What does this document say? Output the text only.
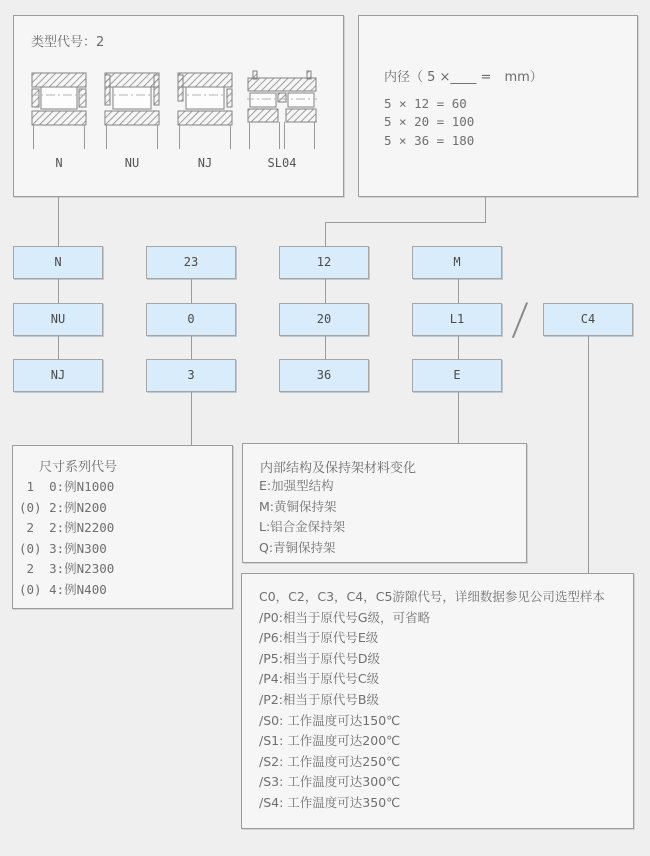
类型代号：2
N	NU	NJ	SL04
内径（ 5 ×____ =　mm）
5 × 12 = 60
5 × 20 = 100
5 × 36 = 180
N
NU
NJ
23
0
3
12
20
36
M
L1
E
C4
尺寸系列代号
1  0:例N1000
(0) 2:例N200
2  2:例N2200
(0) 3:例N300
2  3:例N2300
(0) 4:例N400
内部结构及保持架材料变化
E:加强型结构
M:黄铜保持架
L:铝合金保持架
Q:青铜保持架
C0，C2，C3，C4，C5游隙代号，详细数据参见公司选型样本
/P0:相当于原代号G级，可省略
/P6:相当于原代号E级
/P5:相当于原代号D级
/P4:相当于原代号C级
/P2:相当于原代号B级
/S0: 工作温度可达150℃
/S1: 工作温度可达200℃
/S2: 工作温度可达250℃
/S3: 工作温度可达300℃
/S4: 工作温度可达350℃
